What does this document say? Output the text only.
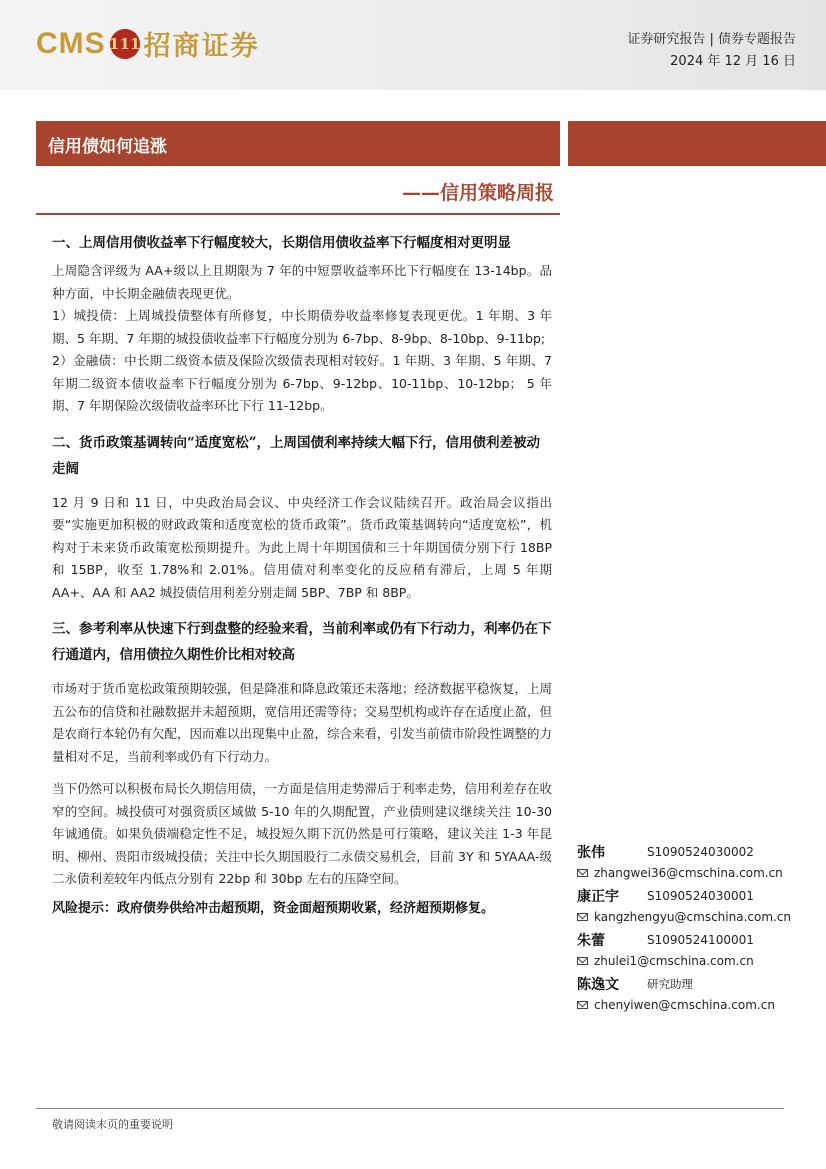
CMS 111 招商证券	证券研究报告 | 债券专题报告
2024 年 12 月 16 日
信用债如何追涨
——信用策略周报
一、上周信用债收益率下行幅度较大，长期信用债收益率下行幅度相对更明显

上周隐含评级为 AA+级以上且期限为 7 年的中短票收益率环比下行幅度在 13-14bp。品种方面，中长期金融债表现更优。

1）城投债：上周城投债整体有所修复，中长期债券收益率修复表现更优。1 年期、3 年期、5 年期、7 年期的城投债收益率下行幅度分别为 6-7bp、8-9bp、8-10bp、9-11bp;

2）金融债：中长期二级资本债及保险次级债表现相对较好。1 年期、3 年期、5 年期、7 年期二级资本债收益率下行幅度分别为 6-7bp、9-12bp、10-11bp、10-12bp； 5 年期、7 年期保险次级债收益率环比下行 11-12bp。

二、货币政策基调转向“适度宽松”，上周国债利率持续大幅下行，信用债利差被动走阔

12 月 9 日和 11 日，中央政治局会议、中央经济工作会议陆续召开。政治局会议指出要“实施更加积极的财政政策和适度宽松的货币政策”。货币政策基调转向“适度宽松”，机构对于未来货币政策宽松预期提升。为此上周十年期国债和三十年期国债分别下行 18BP 和 15BP，收至 1.78%和 2.01%。信用债对利率变化的反应稍有滞后，上周 5 年期 AA+、AA 和 AA2 城投债信用利差分别走阔 5BP、7BP 和 8BP。

三、参考利率从快速下行到盘整的经验来看，当前利率或仍有下行动力，利率仍在下行通道内，信用债拉久期性价比相对较高

市场对于货币宽松政策预期较强，但是降准和降息政策还未落地；经济数据平稳恢复，上周五公布的信贷和社融数据并未超预期，宽信用还需等待；交易型机构或许存在适度止盈，但是农商行本轮仍有欠配，因而难以出现集中止盈，综合来看，引发当前债市阶段性调整的力量相对不足，当前利率或仍有下行动力。

当下仍然可以积极布局长久期信用债，一方面是信用走势滞后于利率走势，信用利差存在收窄的空间。城投债可对强资质区域做 5-10 年的久期配置，产业债则建议继续关注 10-30 年诚通债。如果负债端稳定性不足，城投短久期下沉仍然是可行策略，建议关注 1-3 年昆明、柳州、贵阳市级城投债；关注中长久期国股行二永债交易机会，目前 3Y 和 5YAAA-级二永债利差较年内低点分别有 22bp 和 30bp 左右的压降空间。

风险提示：政府债券供给冲击超预期，资金面超预期收紧，经济超预期修复。
张伟	S1090524030002
zhangwei36@cmschina.com.cn
康正宇	S1090524030001
kangzhengyu@cmschina.com.cn
朱蕾	S1090524100001
zhulei1@cmschina.com.cn
陈逸文	研究助理
chenyiwen@cmschina.com.cn
敬请阅读末页的重要说明
